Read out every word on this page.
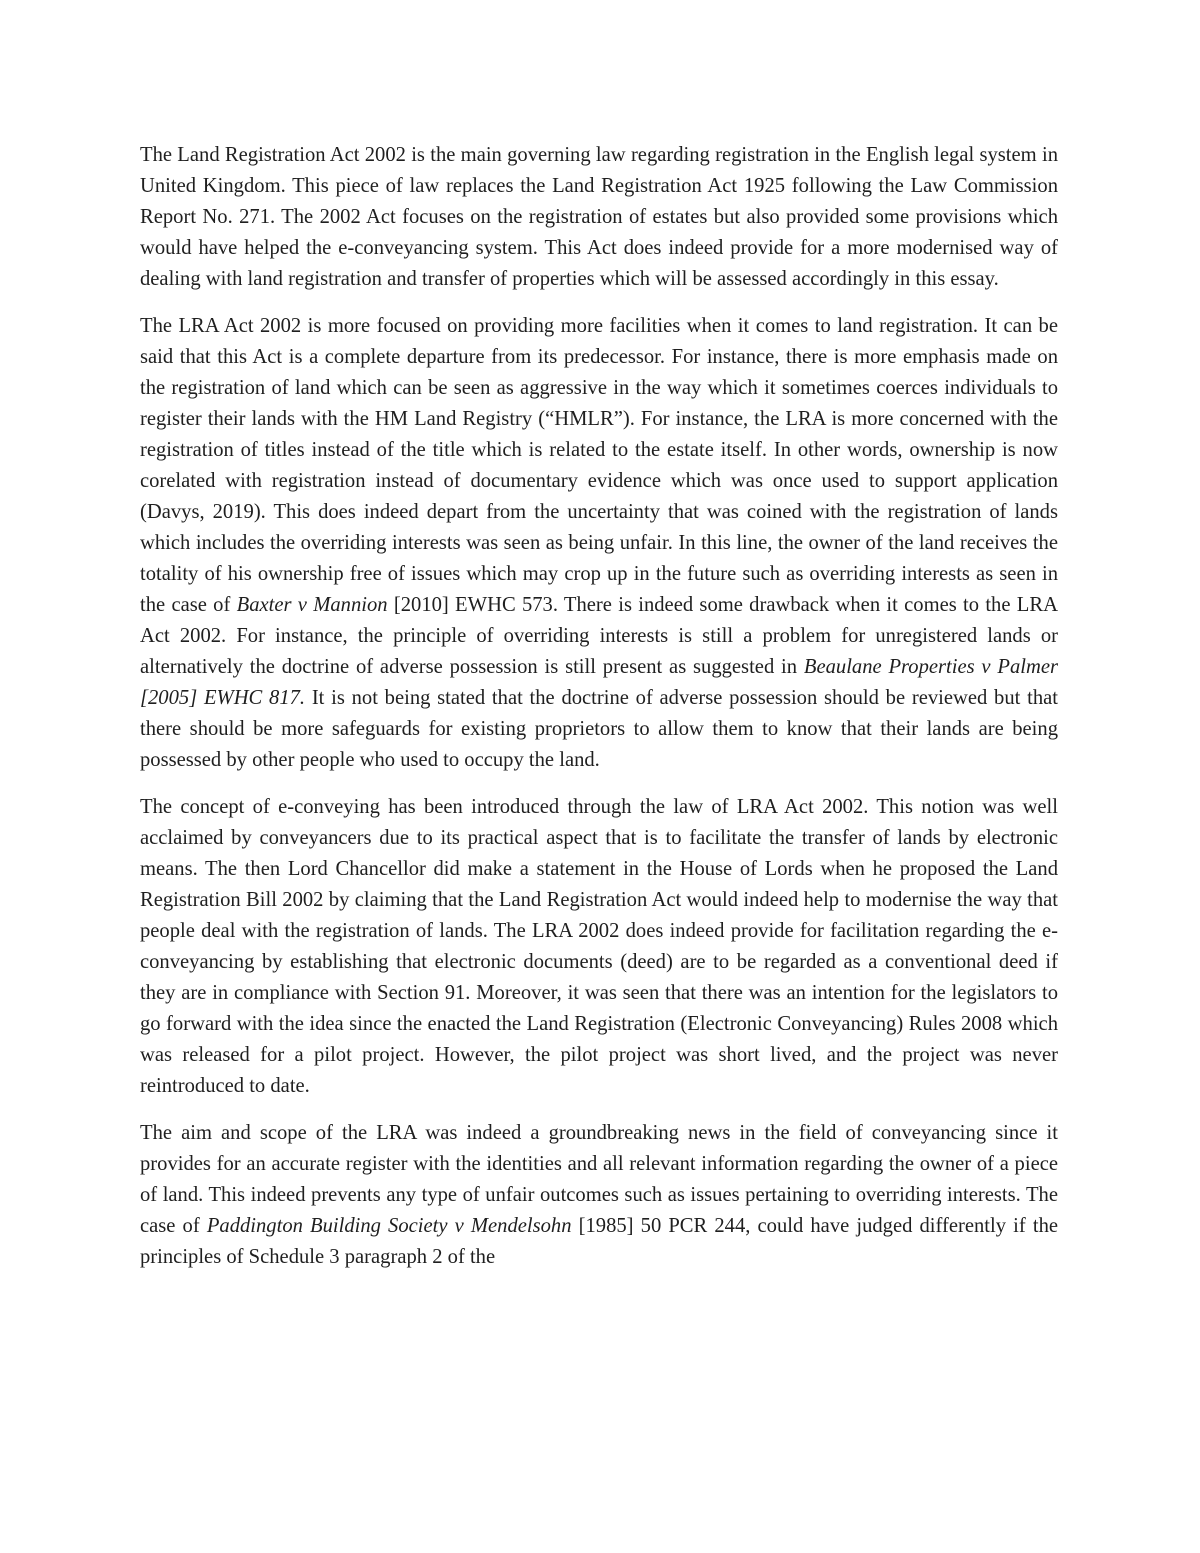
The Land Registration Act 2002 is the main governing law regarding registration in the English legal system in United Kingdom. This piece of law replaces the Land Registration Act 1925 following the Law Commission Report No. 271. The 2002 Act focuses on the registration of estates but also provided some provisions which would have helped the e-conveyancing system. This Act does indeed provide for a more modernised way of dealing with land registration and transfer of properties which will be assessed accordingly in this essay.

The LRA Act 2002 is more focused on providing more facilities when it comes to land registration. It can be said that this Act is a complete departure from its predecessor. For instance, there is more emphasis made on the registration of land which can be seen as aggressive in the way which it sometimes coerces individuals to register their lands with the HM Land Registry (“HMLR”). For instance, the LRA is more concerned with the registration of titles instead of the title which is related to the estate itself. In other words, ownership is now corelated with registration instead of documentary evidence which was once used to support application (Davys, 2019). This does indeed depart from the uncertainty that was coined with the registration of lands which includes the overriding interests was seen as being unfair. In this line, the owner of the land receives the totality of his ownership free of issues which may crop up in the future such as overriding interests as seen in the case of Baxter v Mannion [2010] EWHC 573. There is indeed some drawback when it comes to the LRA Act 2002. For instance, the principle of overriding interests is still a problem for unregistered lands or alternatively the doctrine of adverse possession is still present as suggested in Beaulane Properties v Palmer [2005] EWHC 817. It is not being stated that the doctrine of adverse possession should be reviewed but that there should be more safeguards for existing proprietors to allow them to know that their lands are being possessed by other people who used to occupy the land.

The concept of e-conveying has been introduced through the law of LRA Act 2002. This notion was well acclaimed by conveyancers due to its practical aspect that is to facilitate the transfer of lands by electronic means. The then Lord Chancellor did make a statement in the House of Lords when he proposed the Land Registration Bill 2002 by claiming that the Land Registration Act would indeed help to modernise the way that people deal with the registration of lands. The LRA 2002 does indeed provide for facilitation regarding the e-conveyancing by establishing that electronic documents (deed) are to be regarded as a conventional deed if they are in compliance with Section 91. Moreover, it was seen that there was an intention for the legislators to go forward with the idea since the enacted the Land Registration (Electronic Conveyancing) Rules 2008 which was released for a pilot project. However, the pilot project was short lived, and the project was never reintroduced to date.

The aim and scope of the LRA was indeed a groundbreaking news in the field of conveyancing since it provides for an accurate register with the identities and all relevant information regarding the owner of a piece of land. This indeed prevents any type of unfair outcomes such as issues pertaining to overriding interests. The case of Paddington Building Society v Mendelsohn [1985] 50 PCR 244, could have judged differently if the principles of Schedule 3 paragraph 2 of the
